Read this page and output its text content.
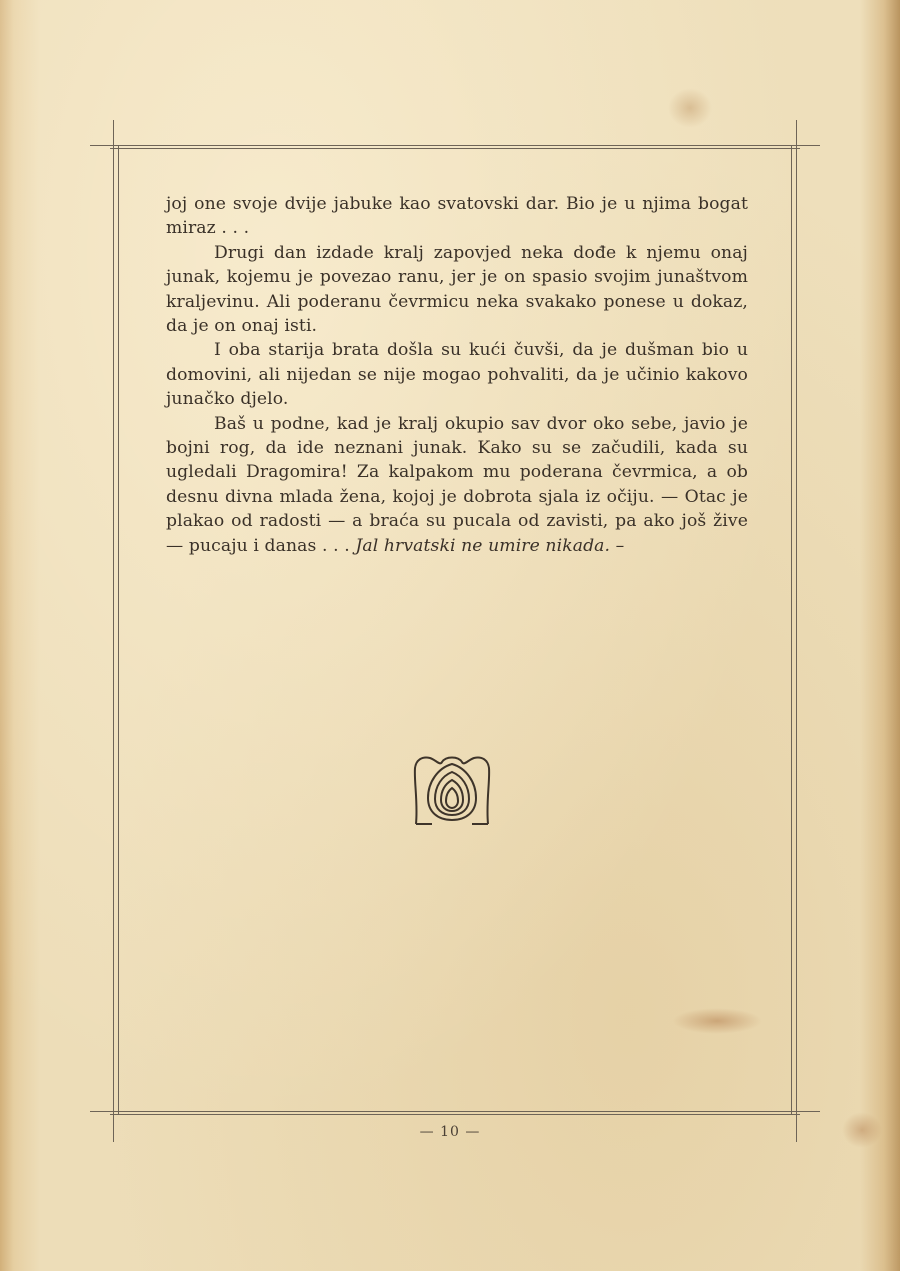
joj one svoje dvije jabuke kao svatovski dar. Bio je u njima bogat miraz . . .

Drugi dan izdade kralj zapovjed neka dođe k njemu onaj junak, kojemu je povezao ranu, jer je on spasio svojim junaštvom kraljevinu. Ali poderanu čevrmicu neka svakako ponese u dokaz, da je on onaj isti.

I oba starija brata došla su kući čuvši, da je dušman bio u domovini, ali nijedan se nije mogao pohvaliti, da je učinio kakovo junačko djelo.

Baš u podne, kad je kralj okupio sav dvor oko sebe, javio je bojni rog, da ide neznani junak. Kako su se začudili, kada su ugledali Dragomira! Za kalpakom mu poderana čevrmica, a ob desnu divna mlada žena, kojoj je dobrota sjala iz očiju. — Otac je plakao od radosti — a braća su pucala od zavisti, pa ako još žive — pucaju i danas . . . Jal hrvatski ne umire nikada. –

— 10 —
